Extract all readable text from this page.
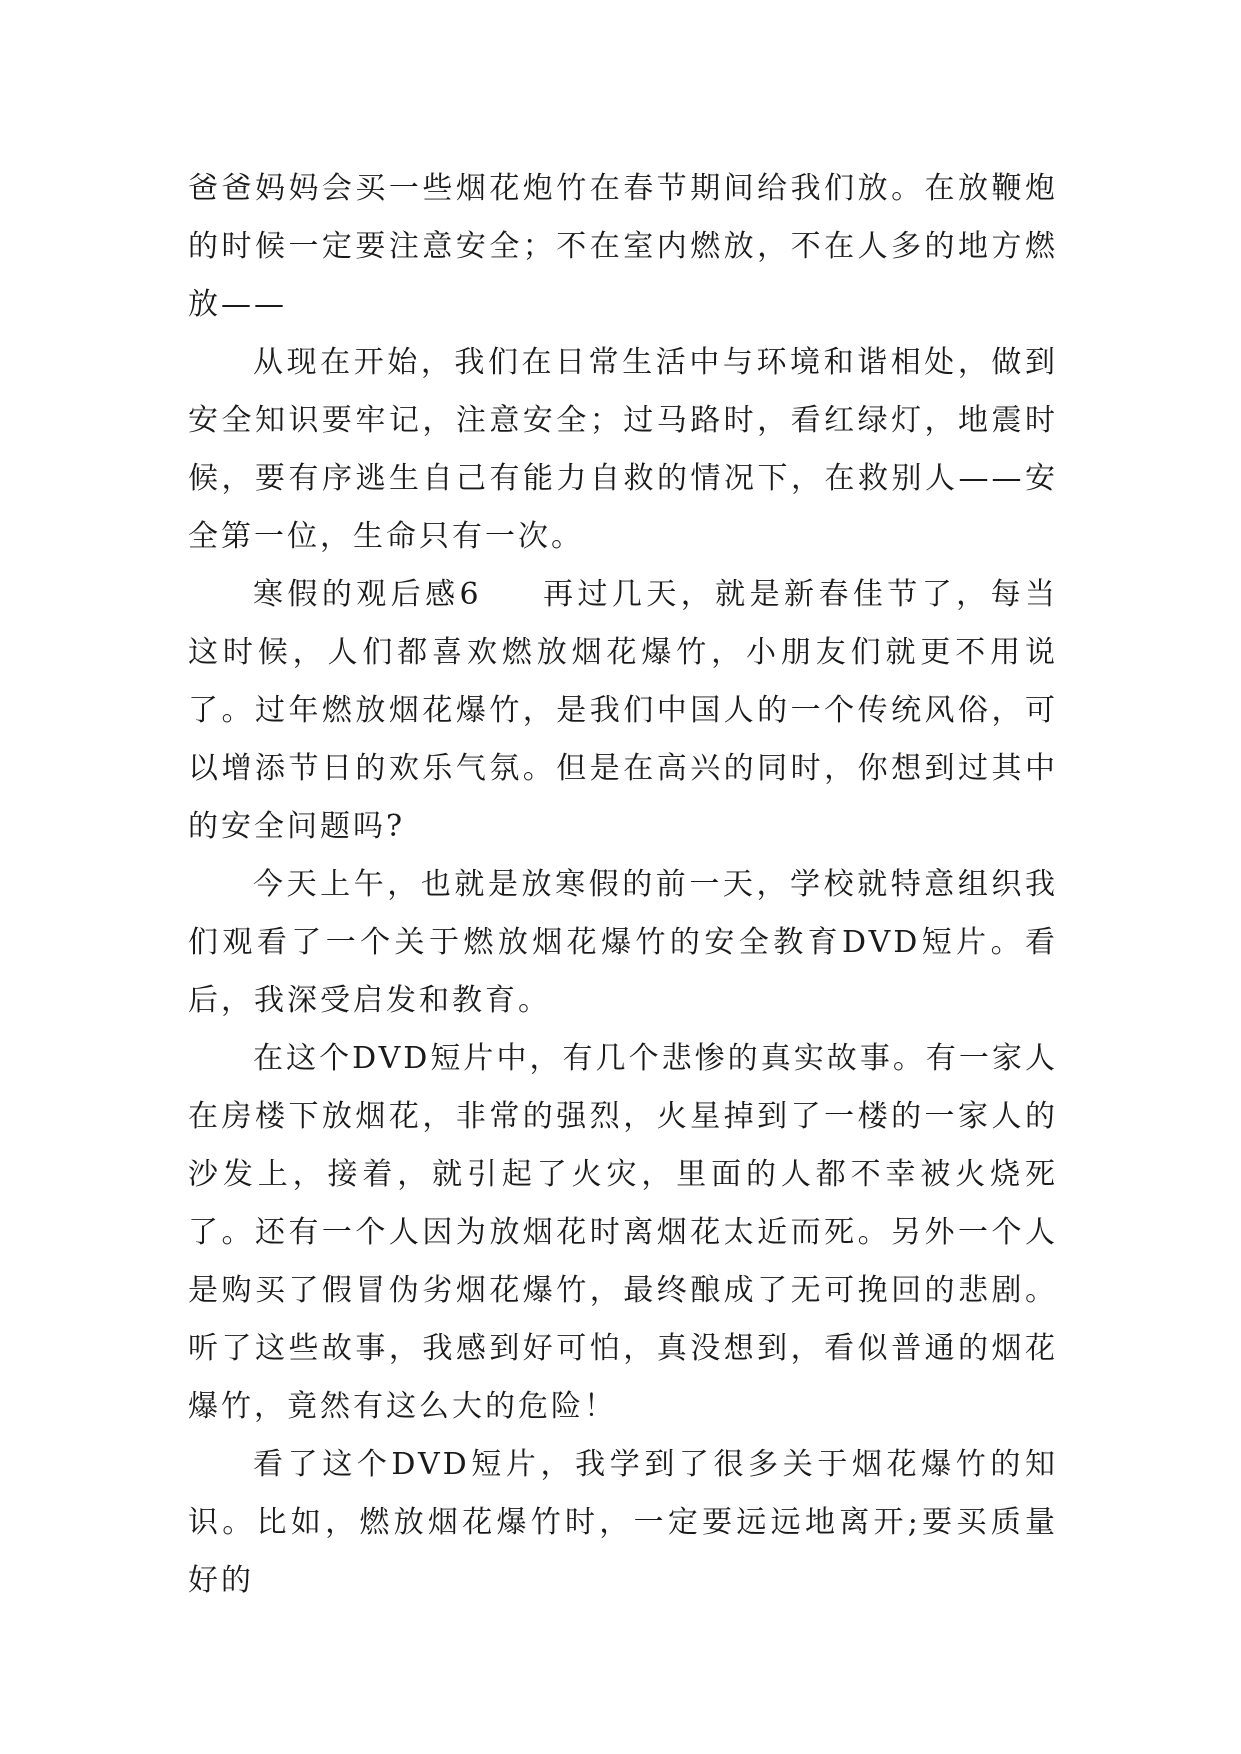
爸爸妈妈会买一些烟花炮竹在春节期间给我们放。在放鞭炮的时候一定要注意安全；不在室内燃放，不在人多的地方燃放——

从现在开始，我们在日常生活中与环境和谐相处，做到安全知识要牢记，注意安全；过马路时，看红绿灯，地震时候，要有序逃生自己有能力自救的情况下，在救别人——安全第一位，生命只有一次。

寒假的观后感6 再过几天，就是新春佳节了，每当这时候，人们都喜欢燃放烟花爆竹，小朋友们就更不用说了。过年燃放烟花爆竹，是我们中国人的一个传统风俗，可以增添节日的欢乐气氛。但是在高兴的同时，你想到过其中的安全问题吗?

今天上午，也就是放寒假的前一天，学校就特意组织我们观看了一个关于燃放烟花爆竹的安全教育DVD短片。看后，我深受启发和教育。

在这个DVD短片中，有几个悲惨的真实故事。有一家人在房楼下放烟花，非常的强烈，火星掉到了一楼的一家人的沙发上，接着，就引起了火灾，里面的人都不幸被火烧死了。还有一个人因为放烟花时离烟花太近而死。另外一个人是购买了假冒伪劣烟花爆竹，最终酿成了无可挽回的悲剧。听了这些故事，我感到好可怕，真没想到，看似普通的烟花爆竹，竟然有这么大的危险！

看了这个DVD短片，我学到了很多关于烟花爆竹的知识。比如，燃放烟花爆竹时，一定要远远地离开;要买质量好的
